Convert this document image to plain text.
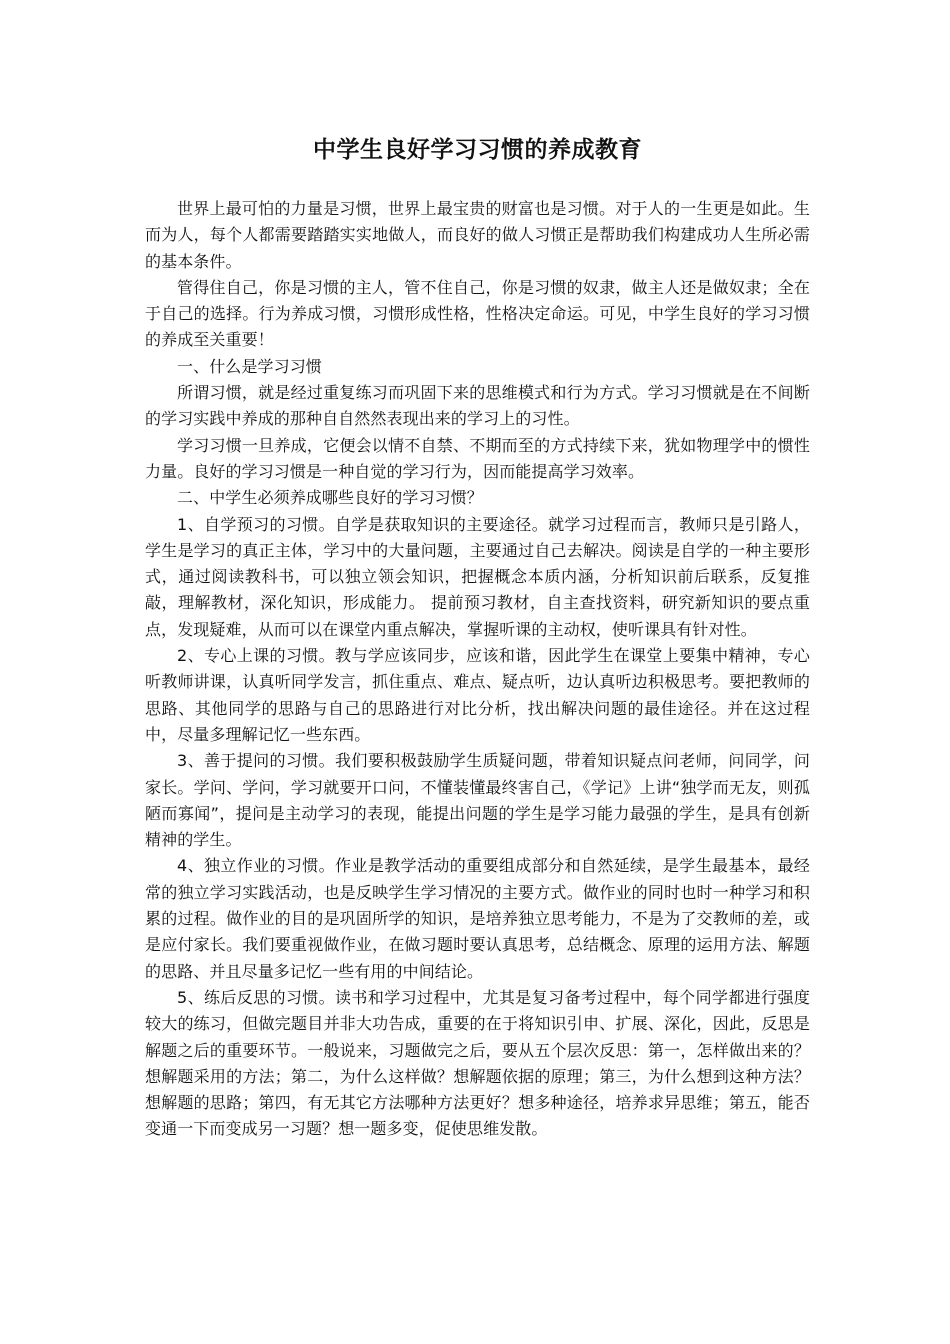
中学生良好学习习惯的养成教育

世界上最可怕的力量是习惯，世界上最宝贵的财富也是习惯。对于人的一生更是如此。生而为人，每个人都需要踏踏实实地做人，而良好的做人习惯正是帮助我们构建成功人生所必需的基本条件。

管得住自己，你是习惯的主人，管不住自己，你是习惯的奴隶，做主人还是做奴隶；全在于自己的选择。行为养成习惯，习惯形成性格，性格决定命运。可见，中学生良好的学习习惯的养成至关重要！

一、什么是学习习惯

所谓习惯，就是经过重复练习而巩固下来的思维模式和行为方式。学习习惯就是在不间断的学习实践中养成的那种自自然然表现出来的学习上的习性。

学习习惯一旦养成，它便会以情不自禁、不期而至的方式持续下来，犹如物理学中的惯性力量。良好的学习习惯是一种自觉的学习行为，因而能提高学习效率。

二、中学生必须养成哪些良好的学习习惯？

1、自学预习的习惯。自学是获取知识的主要途径。就学习过程而言，教师只是引路人，学生是学习的真正主体，学习中的大量问题，主要通过自己去解决。阅读是自学的一种主要形式，通过阅读教科书，可以独立领会知识，把握概念本质内涵，分析知识前后联系，反复推敲，理解教材，深化知识，形成能力。 提前预习教材，自主查找资料，研究新知识的要点重点，发现疑难，从而可以在课堂内重点解决，掌握听课的主动权，使听课具有针对性。

2、专心上课的习惯。教与学应该同步，应该和谐，因此学生在课堂上要集中精神，专心听教师讲课，认真听同学发言，抓住重点、难点、疑点听，边认真听边积极思考。要把教师的思路、其他同学的思路与自己的思路进行对比分析，找出解决问题的最佳途径。并在这过程中，尽量多理解记忆一些东西。

3、善于提问的习惯。我们要积极鼓励学生质疑问题，带着知识疑点问老师，问同学，问家长。学问、学问，学习就要开口问，不懂装懂最终害自己，《学记》上讲“独学而无友，则孤陋而寡闻”，提问是主动学习的表现，能提出问题的学生是学习能力最强的学生，是具有创新精神的学生。

4、独立作业的习惯。作业是教学活动的重要组成部分和自然延续，是学生最基本，最经常的独立学习实践活动，也是反映学生学习情况的主要方式。做作业的同时也时一种学习和积累的过程。做作业的目的是巩固所学的知识，是培养独立思考能力，不是为了交教师的差，或是应付家长。我们要重视做作业，在做习题时要认真思考，总结概念、原理的运用方法、解题的思路、并且尽量多记忆一些有用的中间结论。

5、练后反思的习惯。读书和学习过程中，尤其是复习备考过程中，每个同学都进行强度较大的练习，但做完题目并非大功告成，重要的在于将知识引申、扩展、深化，因此，反思是解题之后的重要环节。一般说来，习题做完之后，要从五个层次反思：第一，怎样做出来的？想解题采用的方法；第二，为什么这样做？想解题依据的原理；第三，为什么想到这种方法？想解题的思路；第四，有无其它方法哪种方法更好？想多种途径，培养求异思维；第五，能否变通一下而变成另一习题？想一题多变，促使思维发散。
